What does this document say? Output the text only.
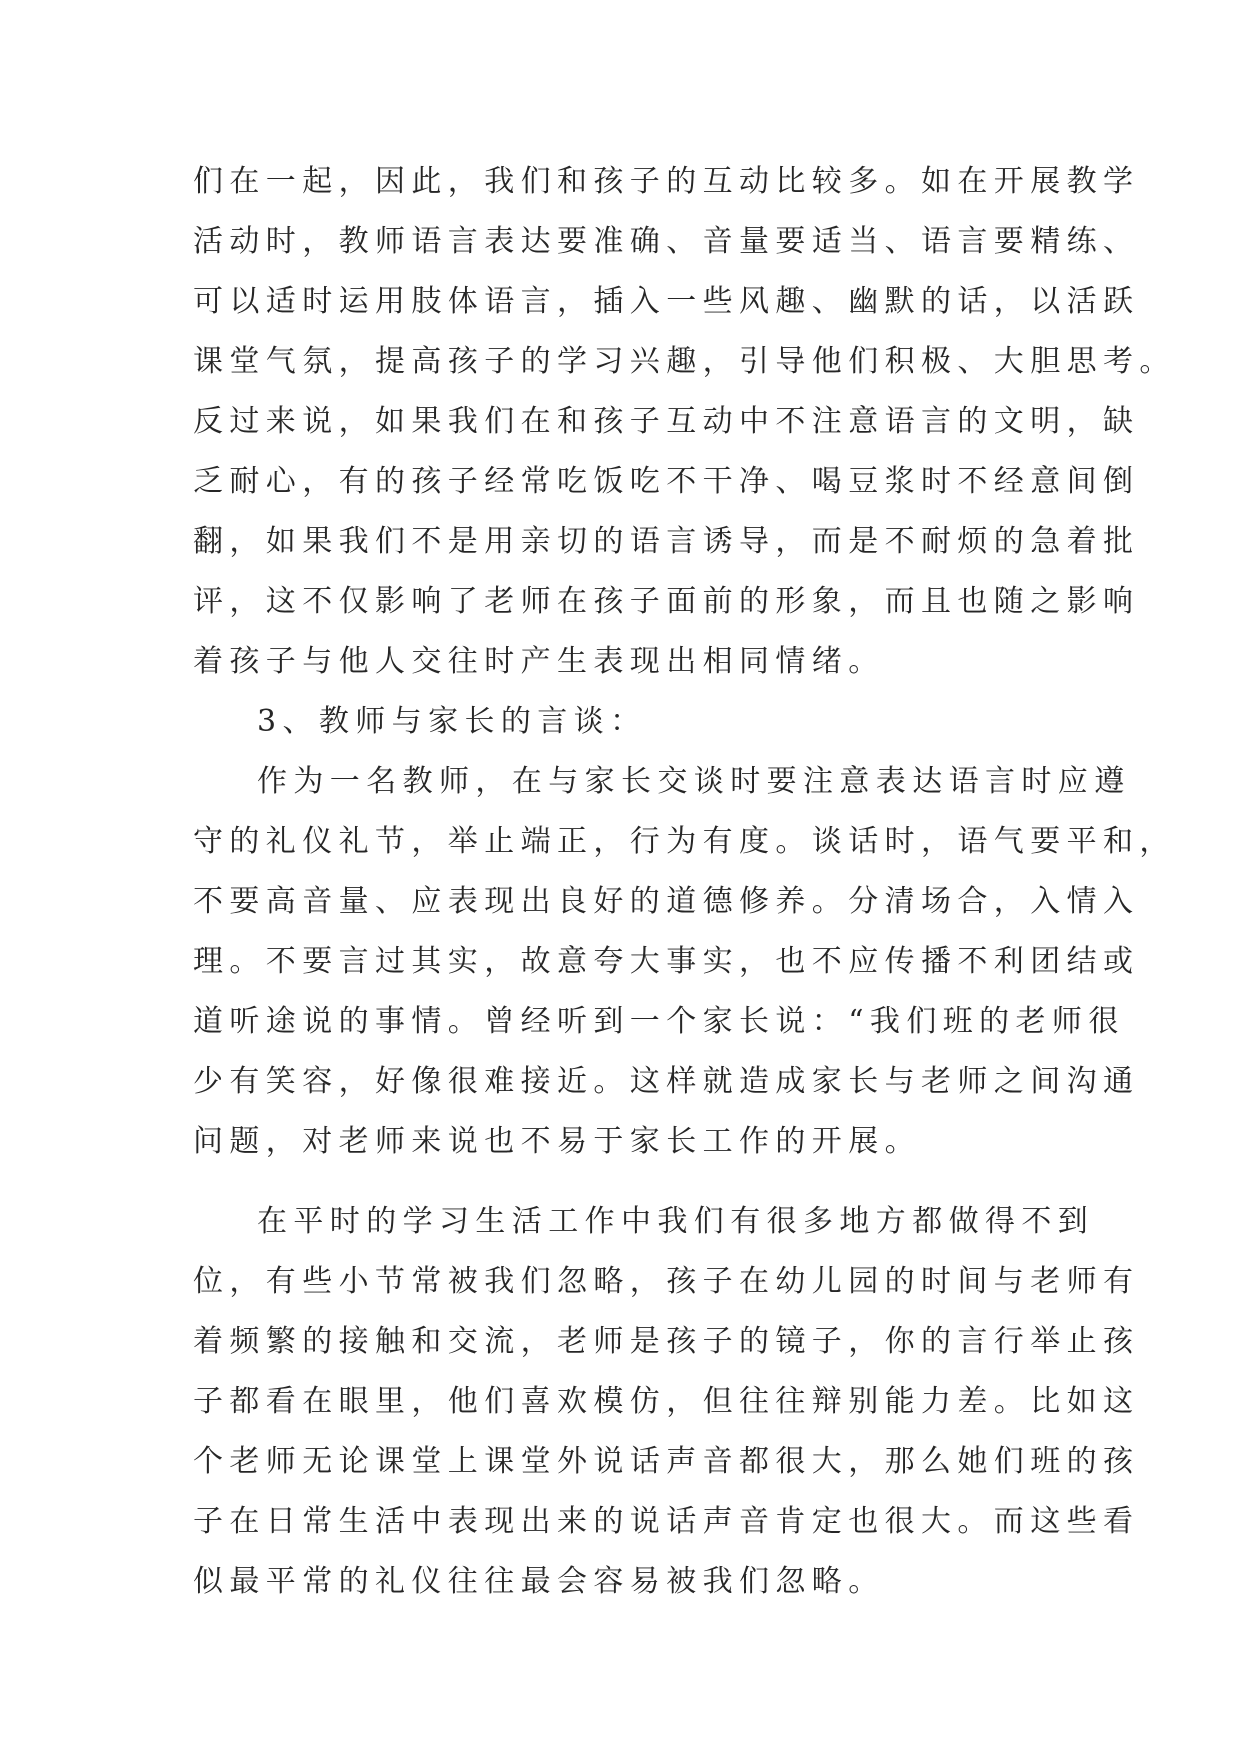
们在一起，因此，我们和孩子的互动比较多。如在开展教学
活动时，教师语言表达要准确、音量要适当、语言要精练、
可以适时运用肢体语言，插入一些风趣、幽默的话，以活跃
课堂气氛，提高孩子的学习兴趣，引导他们积极、大胆思考。
反过来说，如果我们在和孩子互动中不注意语言的文明，缺
乏耐心，有的孩子经常吃饭吃不干净、喝豆浆时不经意间倒
翻，如果我们不是用亲切的语言诱导，而是不耐烦的急着批
评，这不仅影响了老师在孩子面前的形象，而且也随之影响
着孩子与他人交往时产生表现出相同情绪。
3、教师与家长的言谈：
作为一名教师，在与家长交谈时要注意表达语言时应遵
守的礼仪礼节，举止端正，行为有度。谈话时，语气要平和，
不要高音量、应表现出良好的道德修养。分清场合，入情入
理。不要言过其实，故意夸大事实，也不应传播不利团结或
道听途说的事情。曾经听到一个家长说：“我们班的老师很
少有笑容，好像很难接近。这样就造成家长与老师之间沟通
问题，对老师来说也不易于家长工作的开展。
在平时的学习生活工作中我们有很多地方都做得不到
位，有些小节常被我们忽略，孩子在幼儿园的时间与老师有
着频繁的接触和交流，老师是孩子的镜子，你的言行举止孩
子都看在眼里，他们喜欢模仿，但往往辩别能力差。比如这
个老师无论课堂上课堂外说话声音都很大，那么她们班的孩
子在日常生活中表现出来的说话声音肯定也很大。而这些看
似最平常的礼仪往往最会容易被我们忽略。
